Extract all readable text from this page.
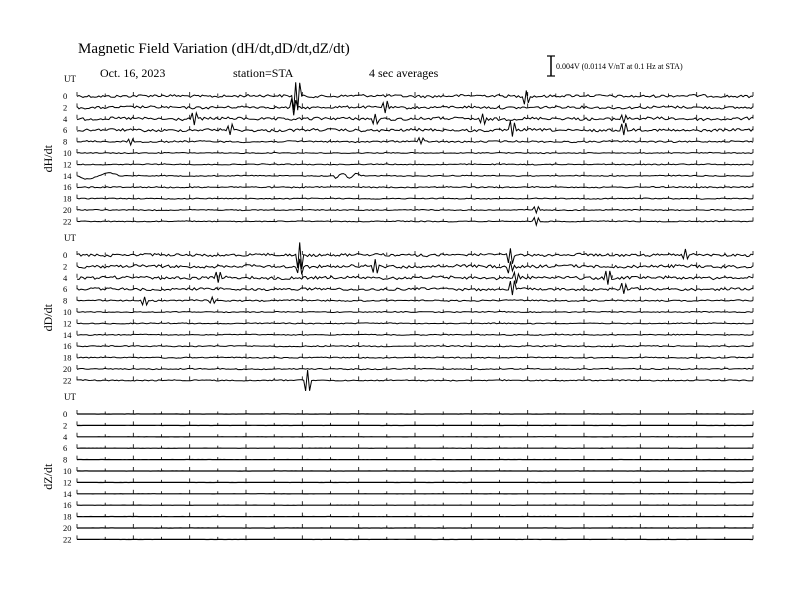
Magnetic Field Variation (dH/dt,dD/dt,dZ/dt)
Oct. 16, 2023	station=STA	4 sec averages	0.004V (0.0114 V/nT at 0.1 Hz at STA)
UT
dH/dt
0
2
4
6
8
10
12
14
16
18
20
22
UT
dD/dt
0
2
4
6
8
10
12
14
16
18
20
22
UT
dZ/dt
0
2
4
6
8
10
12
14
16
18
20
22
